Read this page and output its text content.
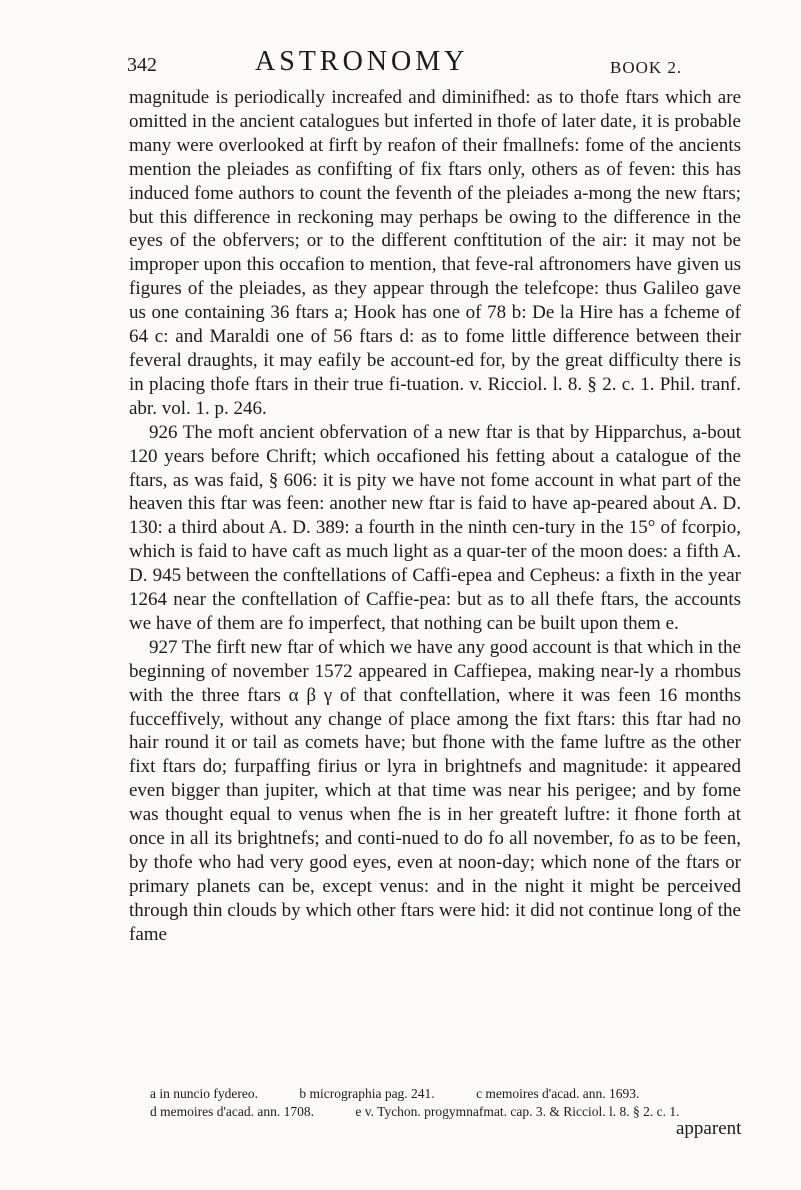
342	ASTRONOMY	BOOK 2.

magnitude is periodically increafed and diminifhed: as to thofe ftars which are omitted in the ancient catalogues but inferted in thofe of later date, it is probable many were overlooked at firft by reafon of their fmallnefs: fome of the ancients mention the pleiades as confifting of fix ftars only, others as of feven: this has induced fome authors to count the feventh of the pleiades a-mong the new ftars; but this difference in reckoning may perhaps be owing to the difference in the eyes of the obfervers; or to the different conftitution of the air: it may not be improper upon this occafion to mention, that feve-ral aftronomers have given us figures of the pleiades, as they appear through the telefcope: thus Galileo gave us one containing 36 ftars a; Hook has one of 78 b: De la Hire has a fcheme of 64 c: and Maraldi one of 56 ftars d: as to fome little difference between their feveral draughts, it may eafily be account-ed for, by the great difficulty there is in placing thofe ftars in their true fi-tuation. v. Ricciol. l. 8. § 2. c. 1. Phil. tranf. abr. vol. 1. p. 246.

926 The moft ancient obfervation of a new ftar is that by Hipparchus, a-bout 120 years before Chrift; which occafioned his fetting about a catalogue of the ftars, as was faid, § 606: it is pity we have not fome account in what part of the heaven this ftar was feen: another new ftar is faid to have ap-peared about A. D. 130: a third about A. D. 389: a fourth in the ninth cen-tury in the 15° of fcorpio, which is faid to have caft as much light as a quar-ter of the moon does: a fifth A. D. 945 between the conftellations of Caffi-epea and Cepheus: a fixth in the year 1264 near the conftellation of Caffie-pea: but as to all thefe ftars, the accounts we have of them are fo imperfect, that nothing can be built upon them e.

927 The firft new ftar of which we have any good account is that which in the beginning of november 1572 appeared in Caffiepea, making near-ly a rhombus with the three ftars α β γ of that conftellation, where it was feen 16 months fucceffively, without any change of place among the fixt ftars: this ftar had no hair round it or tail as comets have; but fhone with the fame luftre as the other fixt ftars do; furpaffing firius or lyra in brightnefs and magnitude: it appeared even bigger than jupiter, which at that time was near his perigee; and by fome was thought equal to venus when fhe is in her greateft luftre: it fhone forth at once in all its brightnefs; and conti-nued to do fo all november, fo as to be feen, by thofe who had very good eyes, even at noon-day; which none of the ftars or primary planets can be, except venus: and in the night it might be perceived through thin clouds by which other ftars were hid: it did not continue long of the fame

a in nuncio fydereo.	b micrographia pag. 241.	c memoires d'acad. ann. 1693.
d memoires d'acad. ann. 1708.	e v. Tychon. progymnafmat. cap. 3. & Ricciol. l. 8. § 2. c. 1.
apparent
